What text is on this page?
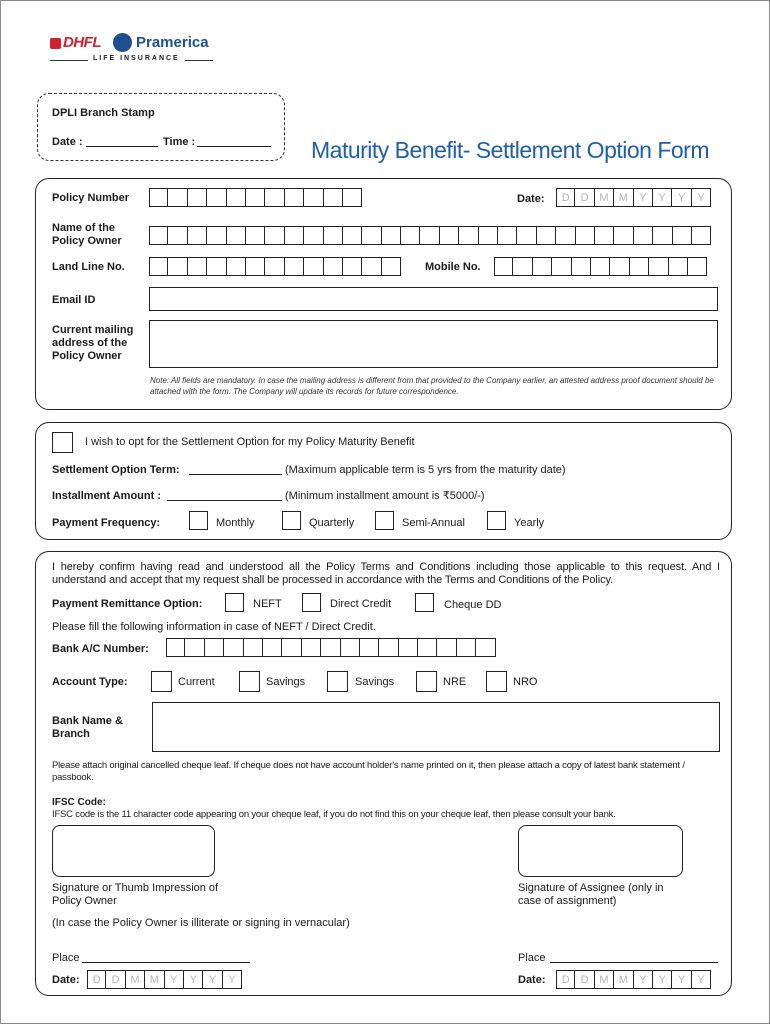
DHFL Pramerica
LIFE INSURANCE
DPLI Branch Stamp
Date :	Time :	Maturity Benefit- Settlement Option Form
Policy Number	Date:	D D M M	Y	Y	Y	Y
Name of the Policy Owner
Land Line No.	Mobile No.
Email ID
Current mailing address of the Policy Owner
Note: All fields are mandatory. In case the mailing address is different from that provided to the Company earlier, an attested address proof document should be attached with the form. The Company will update its records for future correspondence.
I wish to opt for the Settlement Option for my Policy Maturity Benefit
Settlement Option Term:	(Maximum applicable term is 5 yrs from the maturity date)
Installment Amount :	(Minimum installment amount is ₹5000/-)
Payment Frequency:	Monthly	Quarterly	Semi-Annual	Yearly
I hereby confirm having read and understood all the Policy Terms and Conditions including those applicable to this request. And I understand and accept that my request shall be processed in accordance with the Terms and Conditions of the Policy.
Payment Remittance Option:	NEFT	Direct Credit	Cheque DD
Please fill the following information in case of NEFT / Direct Credit.
Bank A/C Number:
Account Type:	Current	Savings	Savings	NRE	NRO
Bank Name & Branch
Please attach original cancelled cheque leaf. If cheque does not have account holder's name printed on it, then please attach a copy of latest bank statement / passbook.
IFSC Code:
IFSC code is the 11 character code appearing on your cheque leaf, if you do not find this on your cheque leaf, then please consult your bank.
Signature or Thumb Impression of Policy Owner
Signature of Assignee (only in case of assignment)
(In case the Policy Owner is illiterate or signing in vernacular)
Place	Place
Date:	D D M M	Y	Y	Y	Y	Date:	D D M M	Y	Y	Y	Y
